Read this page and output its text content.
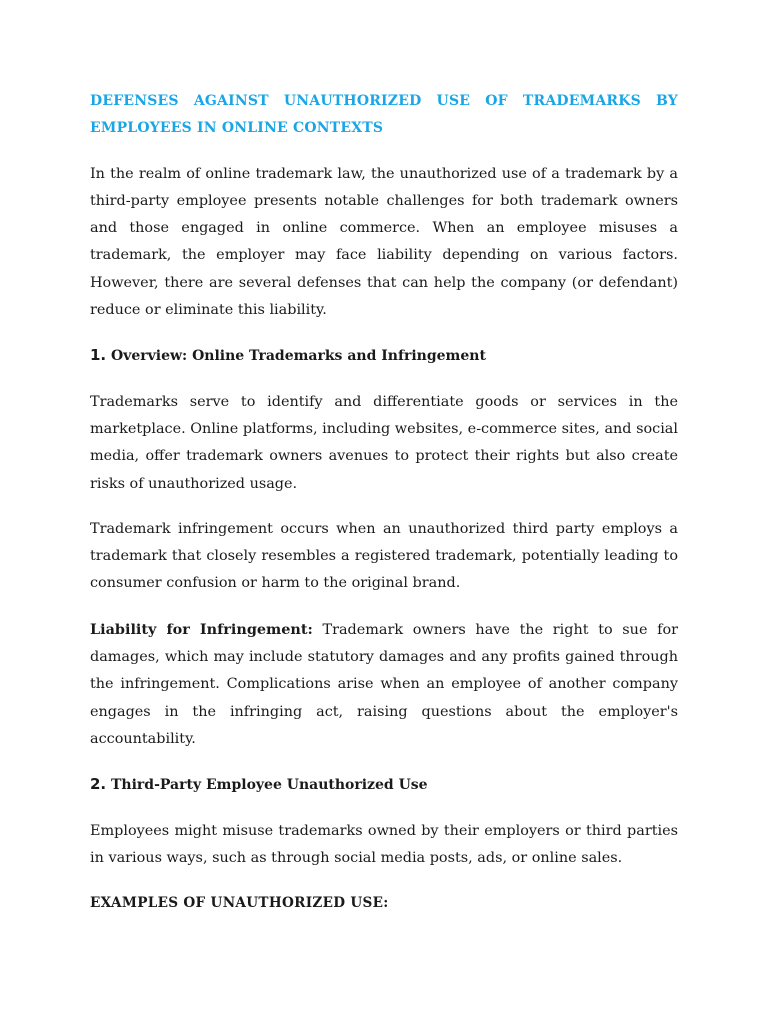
DEFENSES AGAINST UNAUTHORIZED USE OF TRADEMARKS BY EMPLOYEES IN ONLINE CONTEXTS

In the realm of online trademark law, the unauthorized use of a trademark by a third-party employee presents notable challenges for both trademark owners and those engaged in online commerce. When an employee misuses a trademark, the employer may face liability depending on various factors. However, there are several defenses that can help the company (or defendant) reduce or eliminate this liability.

1. Overview: Online Trademarks and Infringement

Trademarks serve to identify and differentiate goods or services in the marketplace. Online platforms, including websites, e-commerce sites, and social media, offer trademark owners avenues to protect their rights but also create risks of unauthorized usage.

Trademark infringement occurs when an unauthorized third party employs a trademark that closely resembles a registered trademark, potentially leading to consumer confusion or harm to the original brand.

Liability for Infringement: Trademark owners have the right to sue for damages, which may include statutory damages and any profits gained through the infringement. Complications arise when an employee of another company engages in the infringing act, raising questions about the employer's accountability.

2. Third-Party Employee Unauthorized Use

Employees might misuse trademarks owned by their employers or third parties in various ways, such as through social media posts, ads, or online sales.

EXAMPLES OF UNAUTHORIZED USE:
